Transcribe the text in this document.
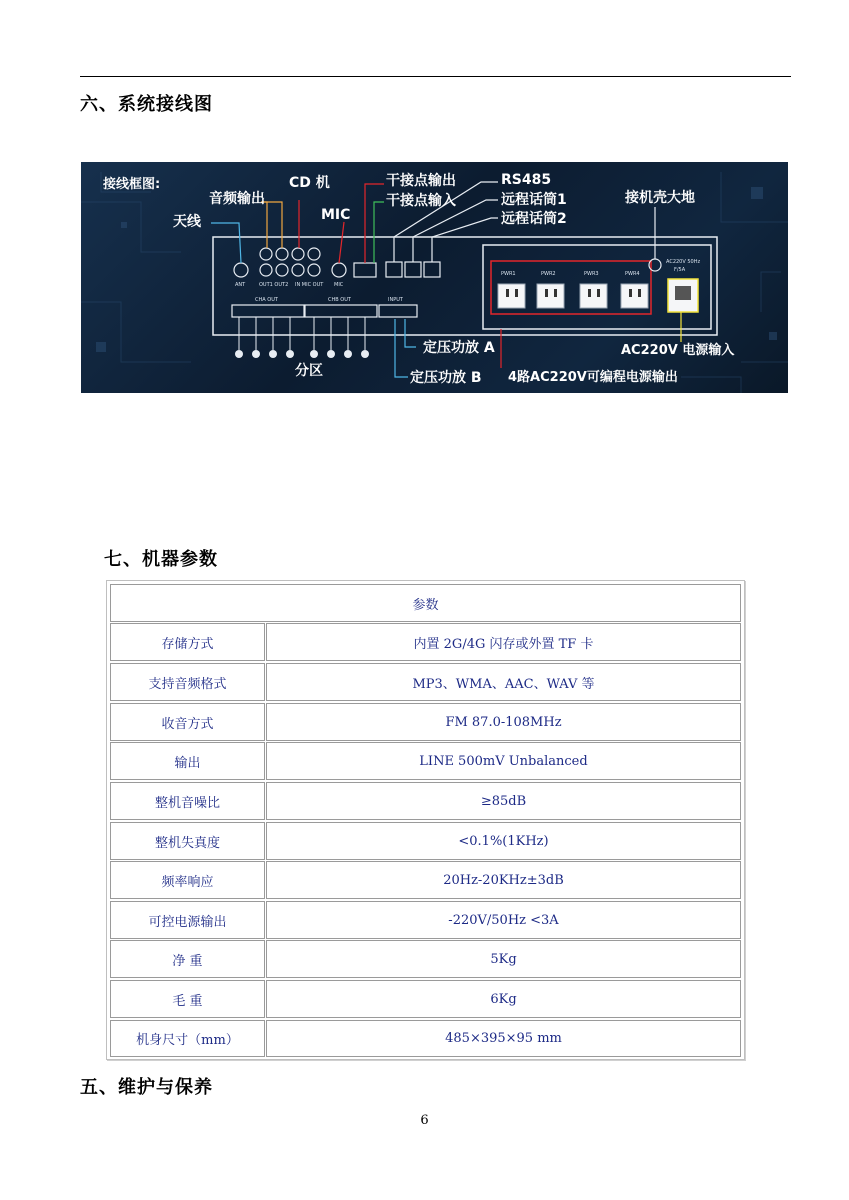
六、系统接线图
接线框图:
天线
音频输出
CD 机
MIC
干接点输出
干接点输入
RS485
远程话筒1
远程话筒2
接机壳大地
定压功放 A
定压功放 B
分区	4路AC220V可编程电源输出
AC220V 电源输入
ANT	OUT1 OUT2 IN MIC OUT MIC
CHA OUT	CHB OUT	INPUT
PWR1	PWR2	PWR3	PWR4
AC220V 50Hz
F/5A
七、机器参数
参数
存储方式	内置 2G/4G 闪存或外置 TF 卡
支持音频格式	MP3、WMA、AAC、WAV 等
收音方式	FM 87.0-108MHz
输出	LINE 500mV Unbalanced
整机音噪比	≥85dB
整机失真度	<0.1%(1KHz)
频率响应	20Hz-20KHz±3dB
可控电源输出	-220V/50Hz <3A
净 重	5Kg
毛 重	6Kg
机身尺寸（mm）	485×395×95 mm
五、维护与保养
6
